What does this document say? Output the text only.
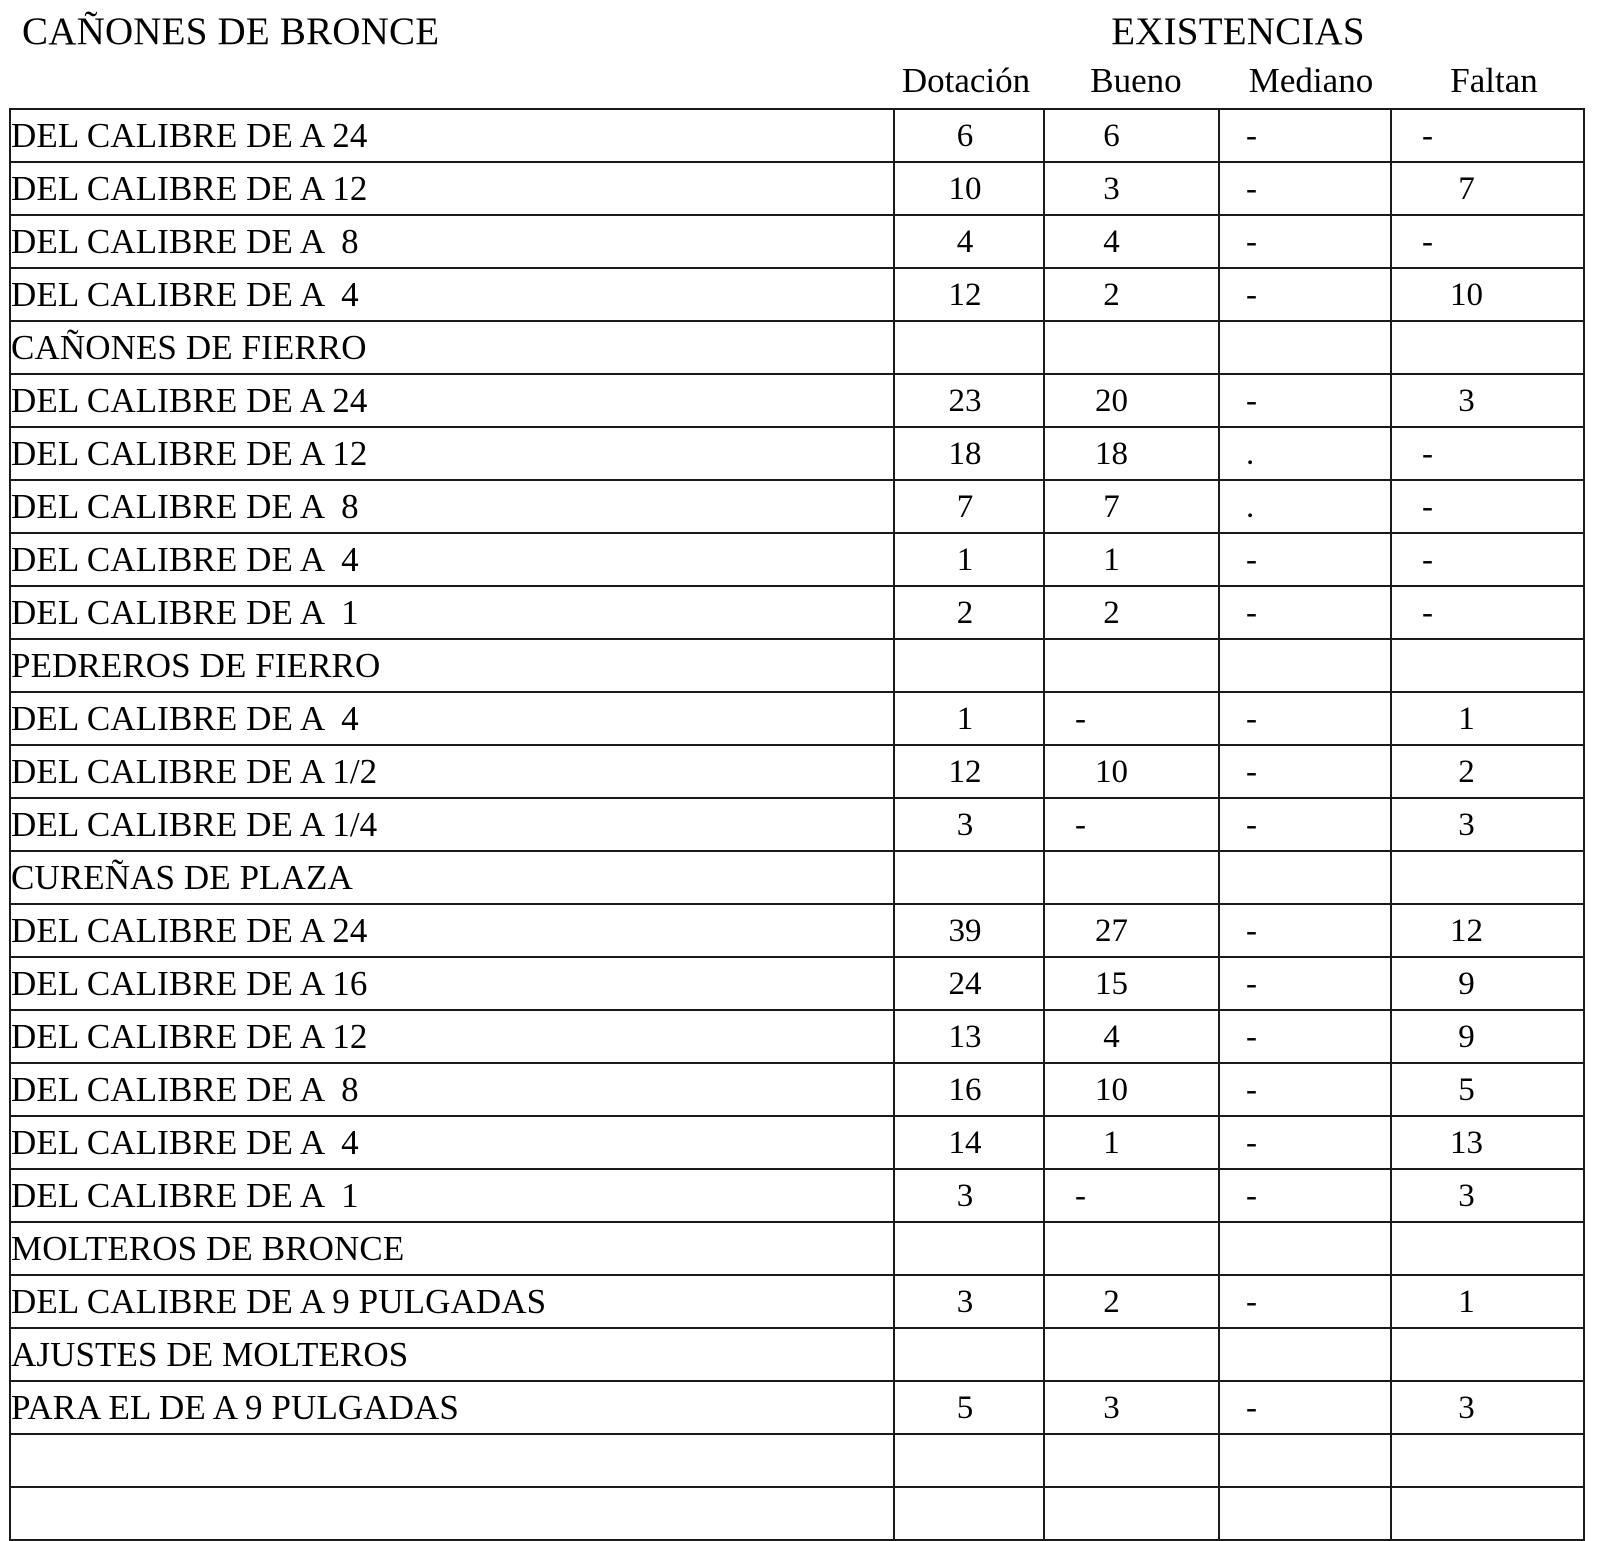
CAÑONES DE BRONCE	EXISTENCIAS
Dotación	Bueno	Mediano	Faltan
DEL CALIBRE DE A 24	6	6	-	-
DEL CALIBRE DE A 12	10	3	-	7
DEL CALIBRE DE A  8	4	4	-	-
DEL CALIBRE DE A  4	12	2	-	10
CAÑONES DE FIERRO				
DEL CALIBRE DE A 24	23	20	-	3
DEL CALIBRE DE A 12	18	18	.	-
DEL CALIBRE DE A  8	7	7	.	-
DEL CALIBRE DE A  4	1	1	-	-
DEL CALIBRE DE A  1	2	2	-	-
PEDREROS DE FIERRO				
DEL CALIBRE DE A  4	1	-	-	1
DEL CALIBRE DE A 1/2	12	10	-	2
DEL CALIBRE DE A 1/4	3	-	-	3
CUREÑAS DE PLAZA				
DEL CALIBRE DE A 24	39	27	-	12
DEL CALIBRE DE A 16	24	15	-	9
DEL CALIBRE DE A 12	13	4	-	9
DEL CALIBRE DE A  8	16	10	-	5
DEL CALIBRE DE A  4	14	1	-	13
DEL CALIBRE DE A  1	3	-	-	3
MOLTEROS DE BRONCE				
DEL CALIBRE DE A 9 PULGADAS	3	2	-	1
AJUSTES DE MOLTEROS				
PARA EL DE A 9 PULGADAS	5	3	-	3
